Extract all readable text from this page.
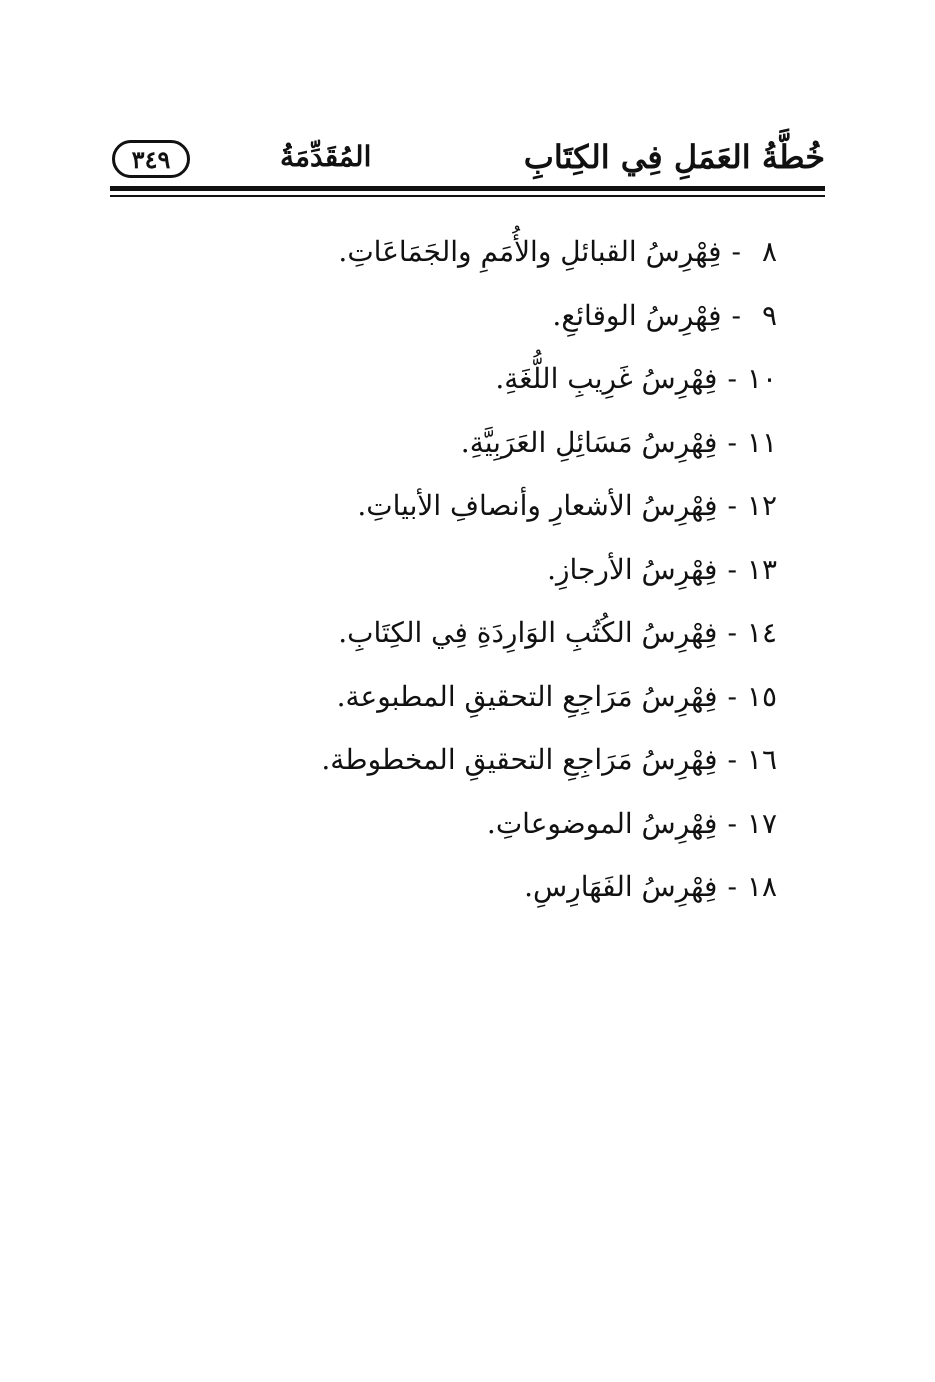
خُطَّةُ العَمَلِ فِي الكِتَابِ
المُقَدِّمَةُ
٣٤٩
٨-فِهْرِسُ القبائلِ والأُمَمِ والجَمَاعَاتِ.
٩-فِهْرِسُ الوقائعِ.
١٠-فِهْرِسُ غَرِيبِ اللُّغَةِ.
١١-فِهْرِسُ مَسَائِلِ العَرَبِيَّةِ.
١٢-فِهْرِسُ الأشعارِ وأنصافِ الأبياتِ.
١٣-فِهْرِسُ الأرجازِ.
١٤-فِهْرِسُ الكُتُبِ الوَارِدَةِ فِي الكِتَابِ.
١٥-فِهْرِسُ مَرَاجِعِ التحقيقِ المطبوعة.
١٦-فِهْرِسُ مَرَاجِعِ التحقيقِ المخطوطة.
١٧-فِهْرِسُ الموضوعاتِ.
١٨-فِهْرِسُ الفَهَارِسِ.
